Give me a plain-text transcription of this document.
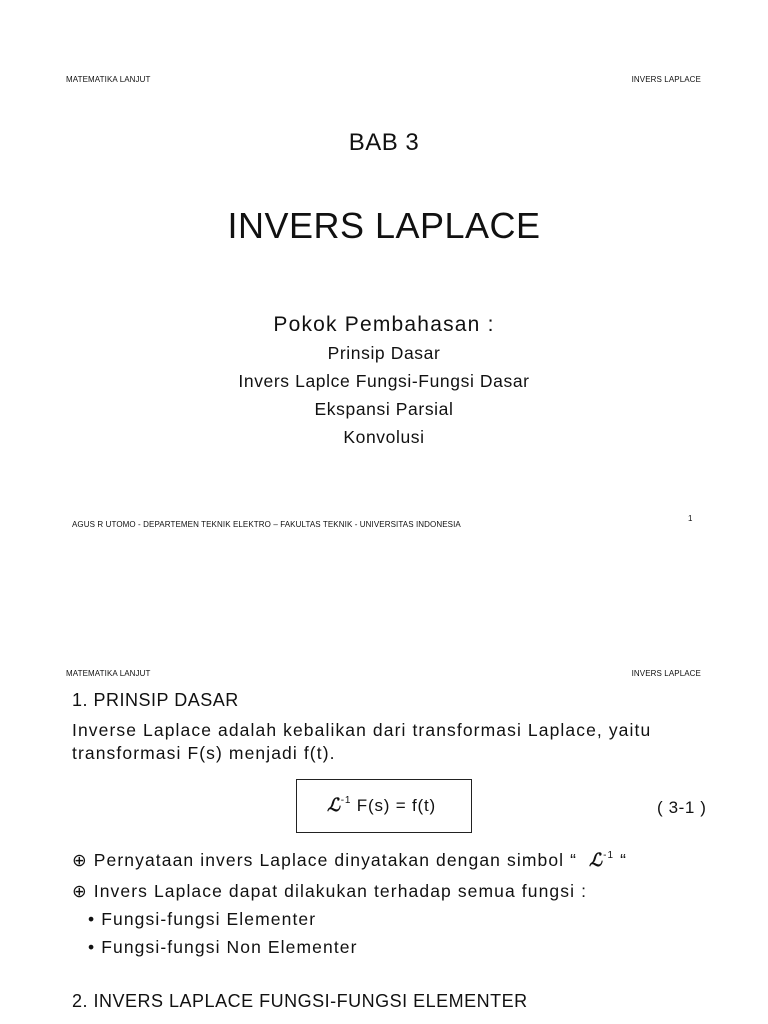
MATEMATIKA LANJUT	INVERS LAPLACE
BAB 3
INVERS LAPLACE
Pokok Pembahasan :
Prinsip Dasar
Invers Laplce Fungsi-Fungsi Dasar
Ekspansi Parsial
Konvolusi
1
AGUS R UTOMO - DEPARTEMEN TEKNIK ELEKTRO – FAKULTAS TEKNIK - UNIVERSITAS INDONESIA
MATEMATIKA LANJUT	INVERS LAPLACE
1. PRINSIP DASAR
Inverse Laplace adalah kebalikan dari transformasi Laplace, yaitu
transformasi F(s) menjadi f(t).
ℒ$^{-1}$ F(s) = f(t)	( 3-1 )
⊕ Pernyataan invers Laplace dinyatakan dengan simbol “ ℒ$^{-1}$ “
⊕ Invers Laplace dapat dilakukan terhadap semua fungsi :
• Fungsi-fungsi Elementer
• Fungsi-fungsi Non Elementer
2. INVERS LAPLACE FUNGSI-FUNGSI ELEMENTER
